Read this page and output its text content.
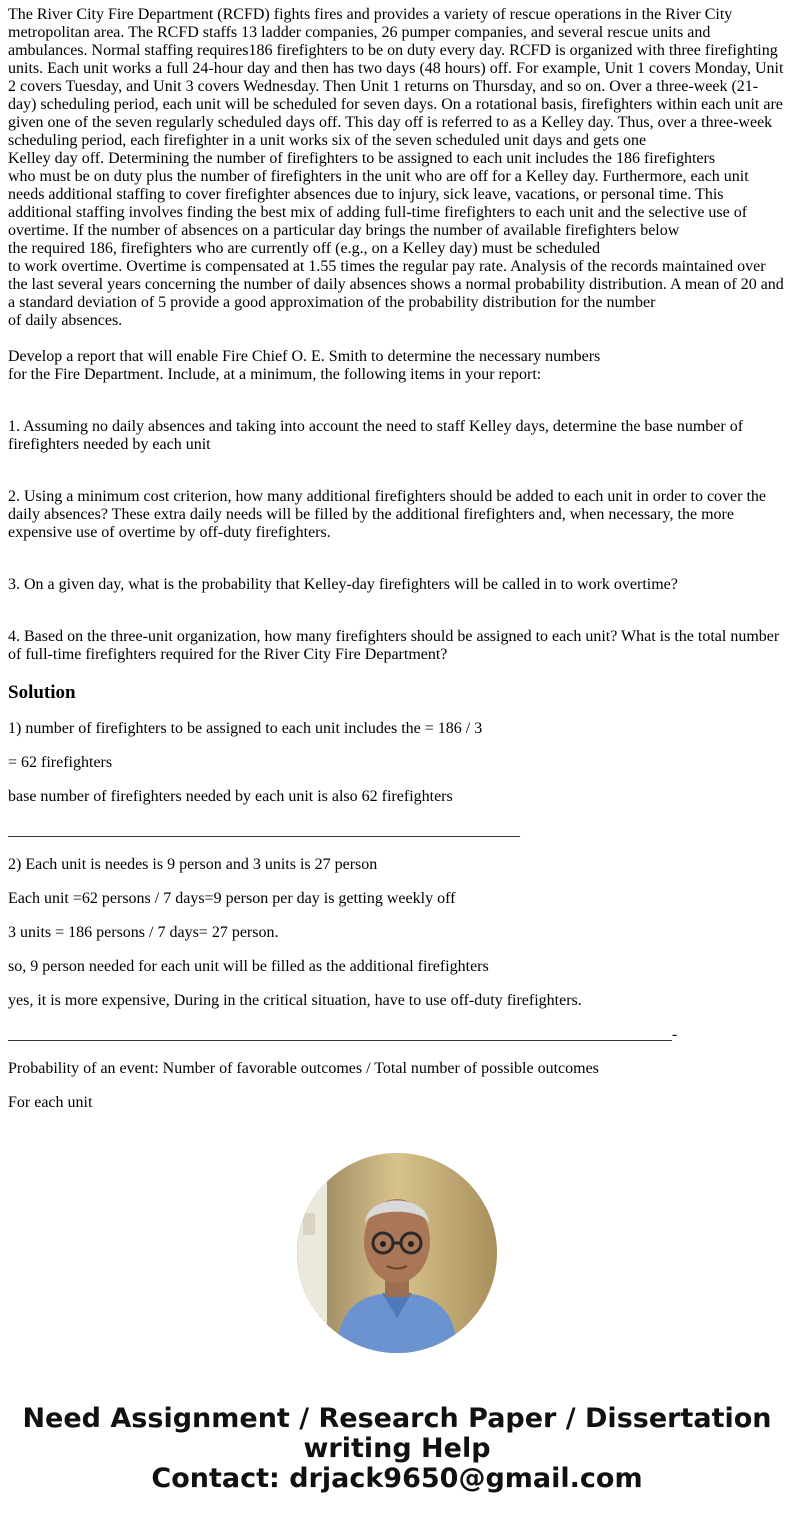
The River City Fire Department (RCFD) fights fires and provides a variety of rescue operations in the River City
metropolitan area. The RCFD staffs 13 ladder companies, 26 pumper companies, and several rescue units and
ambulances. Normal staffing requires186 firefighters to be on duty every day. RCFD is organized with three firefighting
units. Each unit works a full 24-hour day and then has two days (48 hours) off. For example, Unit 1 covers Monday, Unit
2 covers Tuesday, and Unit 3 covers Wednesday. Then Unit 1 returns on Thursday, and so on. Over a three-week (21-
day) scheduling period, each unit will be scheduled for seven days. On a rotational basis, firefighters within each unit are
given one of the seven regularly scheduled days off. This day off is referred to as a Kelley day. Thus, over a three-week
scheduling period, each firefighter in a unit works six of the seven scheduled unit days and gets one
Kelley day off. Determining the number of firefighters to be assigned to each unit includes the 186 firefighters
who must be on duty plus the number of firefighters in the unit who are off for a Kelley day. Furthermore, each unit
needs additional staffing to cover firefighter absences due to injury, sick leave, vacations, or personal time. This
additional staffing involves finding the best mix of adding full-time firefighters to each unit and the selective use of
overtime. If the number of absences on a particular day brings the number of available firefighters below
the required 186, firefighters who are currently off (e.g., on a Kelley day) must be scheduled
to work overtime. Overtime is compensated at 1.55 times the regular pay rate. Analysis of the records maintained over
the last several years concerning the number of daily absences shows a normal probability distribution. A mean of 20 and
a standard deviation of 5 provide a good approximation of the probability distribution for the number
of daily absences.
Develop a report that will enable Fire Chief O. E. Smith to determine the necessary numbers
for the Fire Department. Include, at a minimum, the following items in your report:
1. Assuming no daily absences and taking into account the need to staff Kelley days, determine the base number of
firefighters needed by each unit
2. Using a minimum cost criterion, how many additional firefighters should be added to each unit in order to cover the
daily absences? These extra daily needs will be filled by the additional firefighters and, when necessary, the more
expensive use of overtime by off-duty firefighters.
3. On a given day, what is the probability that Kelley-day firefighters will be called in to work overtime?
4. Based on the three-unit organization, how many firefighters should be assigned to each unit? What is the total number
of full-time firefighters required for the River City Fire Department?
Solution

1) number of firefighters to be assigned to each unit includes the = 186 / 3

= 62 firefighters

base number of firefighters needed by each unit is also 62 firefighters

________________________________________________________________

2) Each unit is needes is 9 person and 3 units is 27 person

Each unit =62 persons / 7 days=9 person per day is getting weekly off

3 units = 186 persons / 7 days= 27 person.

so, 9 person needed for each unit will be filled as the additional firefighters

yes, it is more expensive, During in the critical situation, have to use off-duty firefighters.

___________________________________________________________________________________-

Probability of an event: Number of favorable outcomes / Total number of possible outcomes

For each unit

Need Assignment / Research Paper / Dissertation
writing Help
Contact: drjack9650@gmail.com
